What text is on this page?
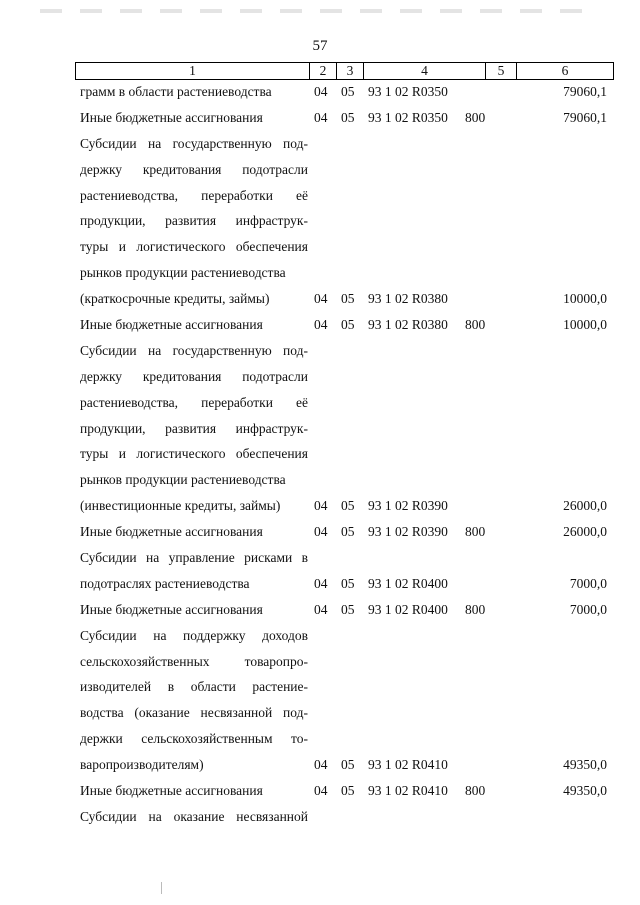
57
1	2	3	4	5	6
грамм в области растениеводства	04 05 93 1 02 R0350	79060,1
Иные бюджетные ассигнования	04 05 93 1 02 R0350 800	79060,1
Субсидии на государственную под-
держку кредитования подотрасли
растениеводства, переработки её
продукции, развития инфраструк-
туры и логистического обеспечения
рынков продукции растениеводства
(краткосрочные кредиты, займы)	04 05 93 1 02 R0380	10000,0
Иные бюджетные ассигнования	04 05 93 1 02 R0380 800	10000,0
Субсидии на государственную под-
держку кредитования подотрасли
растениеводства, переработки её
продукции, развития инфраструк-
туры и логистического обеспечения
рынков продукции растениеводства
(инвестиционные кредиты, займы)	04 05 93 1 02 R0390	26000,0
Иные бюджетные ассигнования	04 05 93 1 02 R0390 800	26000,0
Субсидии на управление рисками в
подотраслях растениеводства	04 05 93 1 02 R0400	7000,0
Иные бюджетные ассигнования	04 05 93 1 02 R0400 800	7000,0
Субсидии на поддержку доходов
сельскохозяйственных товаропро-
изводителей в области растение-
водства (оказание несвязанной под-
держки сельскохозяйственным то-
варопроизводителям)	04 05 93 1 02 R0410	49350,0
Иные бюджетные ассигнования	04 05 93 1 02 R0410 800	49350,0
Субсидии на оказание несвязанной
